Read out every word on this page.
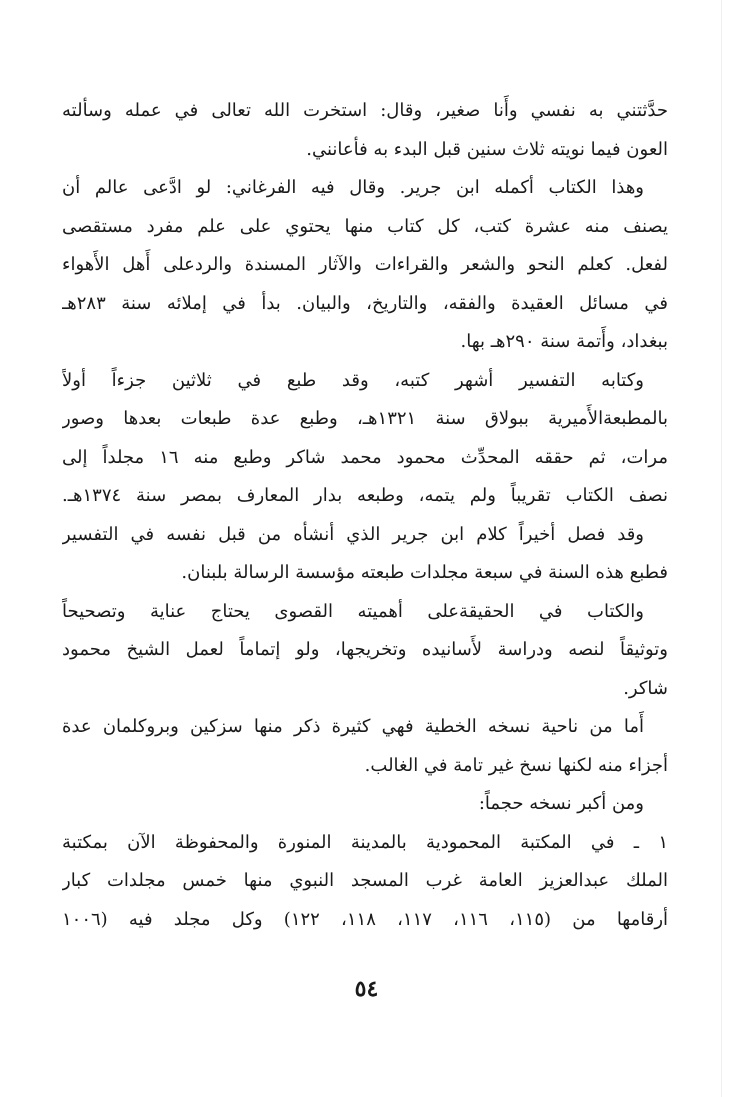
حدَّثتني به نفسي وأَنا صغير، وقال: استخرت الله تعالى في عمله وسألته
العون فيما نويته ثلاث سنين قبل البدء به فأعانني.
وهذا الكتاب أكمله ابن جرير. وقال فيه الفرغاني: لو ادَّعى عالم أن
يصنف منه عشرة كتب، كل كتاب منها يحتوي على علم مفرد مستقصى
لفعل. كعلم النحو والشعر والقراءات والآثار المسندة والردعلى أَهل الأَهواء
في مسائل العقيدة والفقه، والتاريخ، والبيان. بدأ في إملائه سنة ٢٨٣هـ
ببغداد، وأَتمة سنة ٢٩٠هـ بها.
وكتابه التفسير أشهر كتبه، وقد طبع في ثلاثين جزءاً أولاً
بالمطبعةالأَميرية ببولاق سنة ١٣٢١هـ، وطبع عدة طبعات بعدها وصور
مرات، ثم حققه المحدِّث محمود محمد شاكر وطبع منه ١٦ مجلداً إلى
نصف الكتاب تقريباً ولم يتمه، وطبعه بدار المعارف بمصر سنة ١٣٧٤هـ.
وقد فصل أخيراً كلام ابن جرير الذي أنشأه من قبل نفسه في التفسير
فطبع هذه السنة في سبعة مجلدات طبعته مؤسسة الرسالة بلبنان.
والكتاب في الحقيقةعلى أهميته القصوى يحتاج عناية وتصحيحاً
وتوثيقاً لنصه ودراسة لأَسانيده وتخريجها، ولو إتماماً لعمل الشيخ محمود
شاكر.
أَما من ناحية نسخه الخطية فهي كثيرة ذكر منها سزكين وبروكلمان عدة
أجزاء منه لكنها نسخ غير تامة في الغالب.
ومن أكبر نسخه حجماً:
١ ـ في المكتبة المحمودية بالمدينة المنورة والمحفوظة الآن بمكتبة
الملك عبدالعزيز العامة غرب المسجد النبوي منها خمس مجلدات كبار
أرقامها من (١١٥، ١١٦، ١١٧، ١١٨، ١٢٢) وكل مجلد فيه (١٠٠٦
٥٤
